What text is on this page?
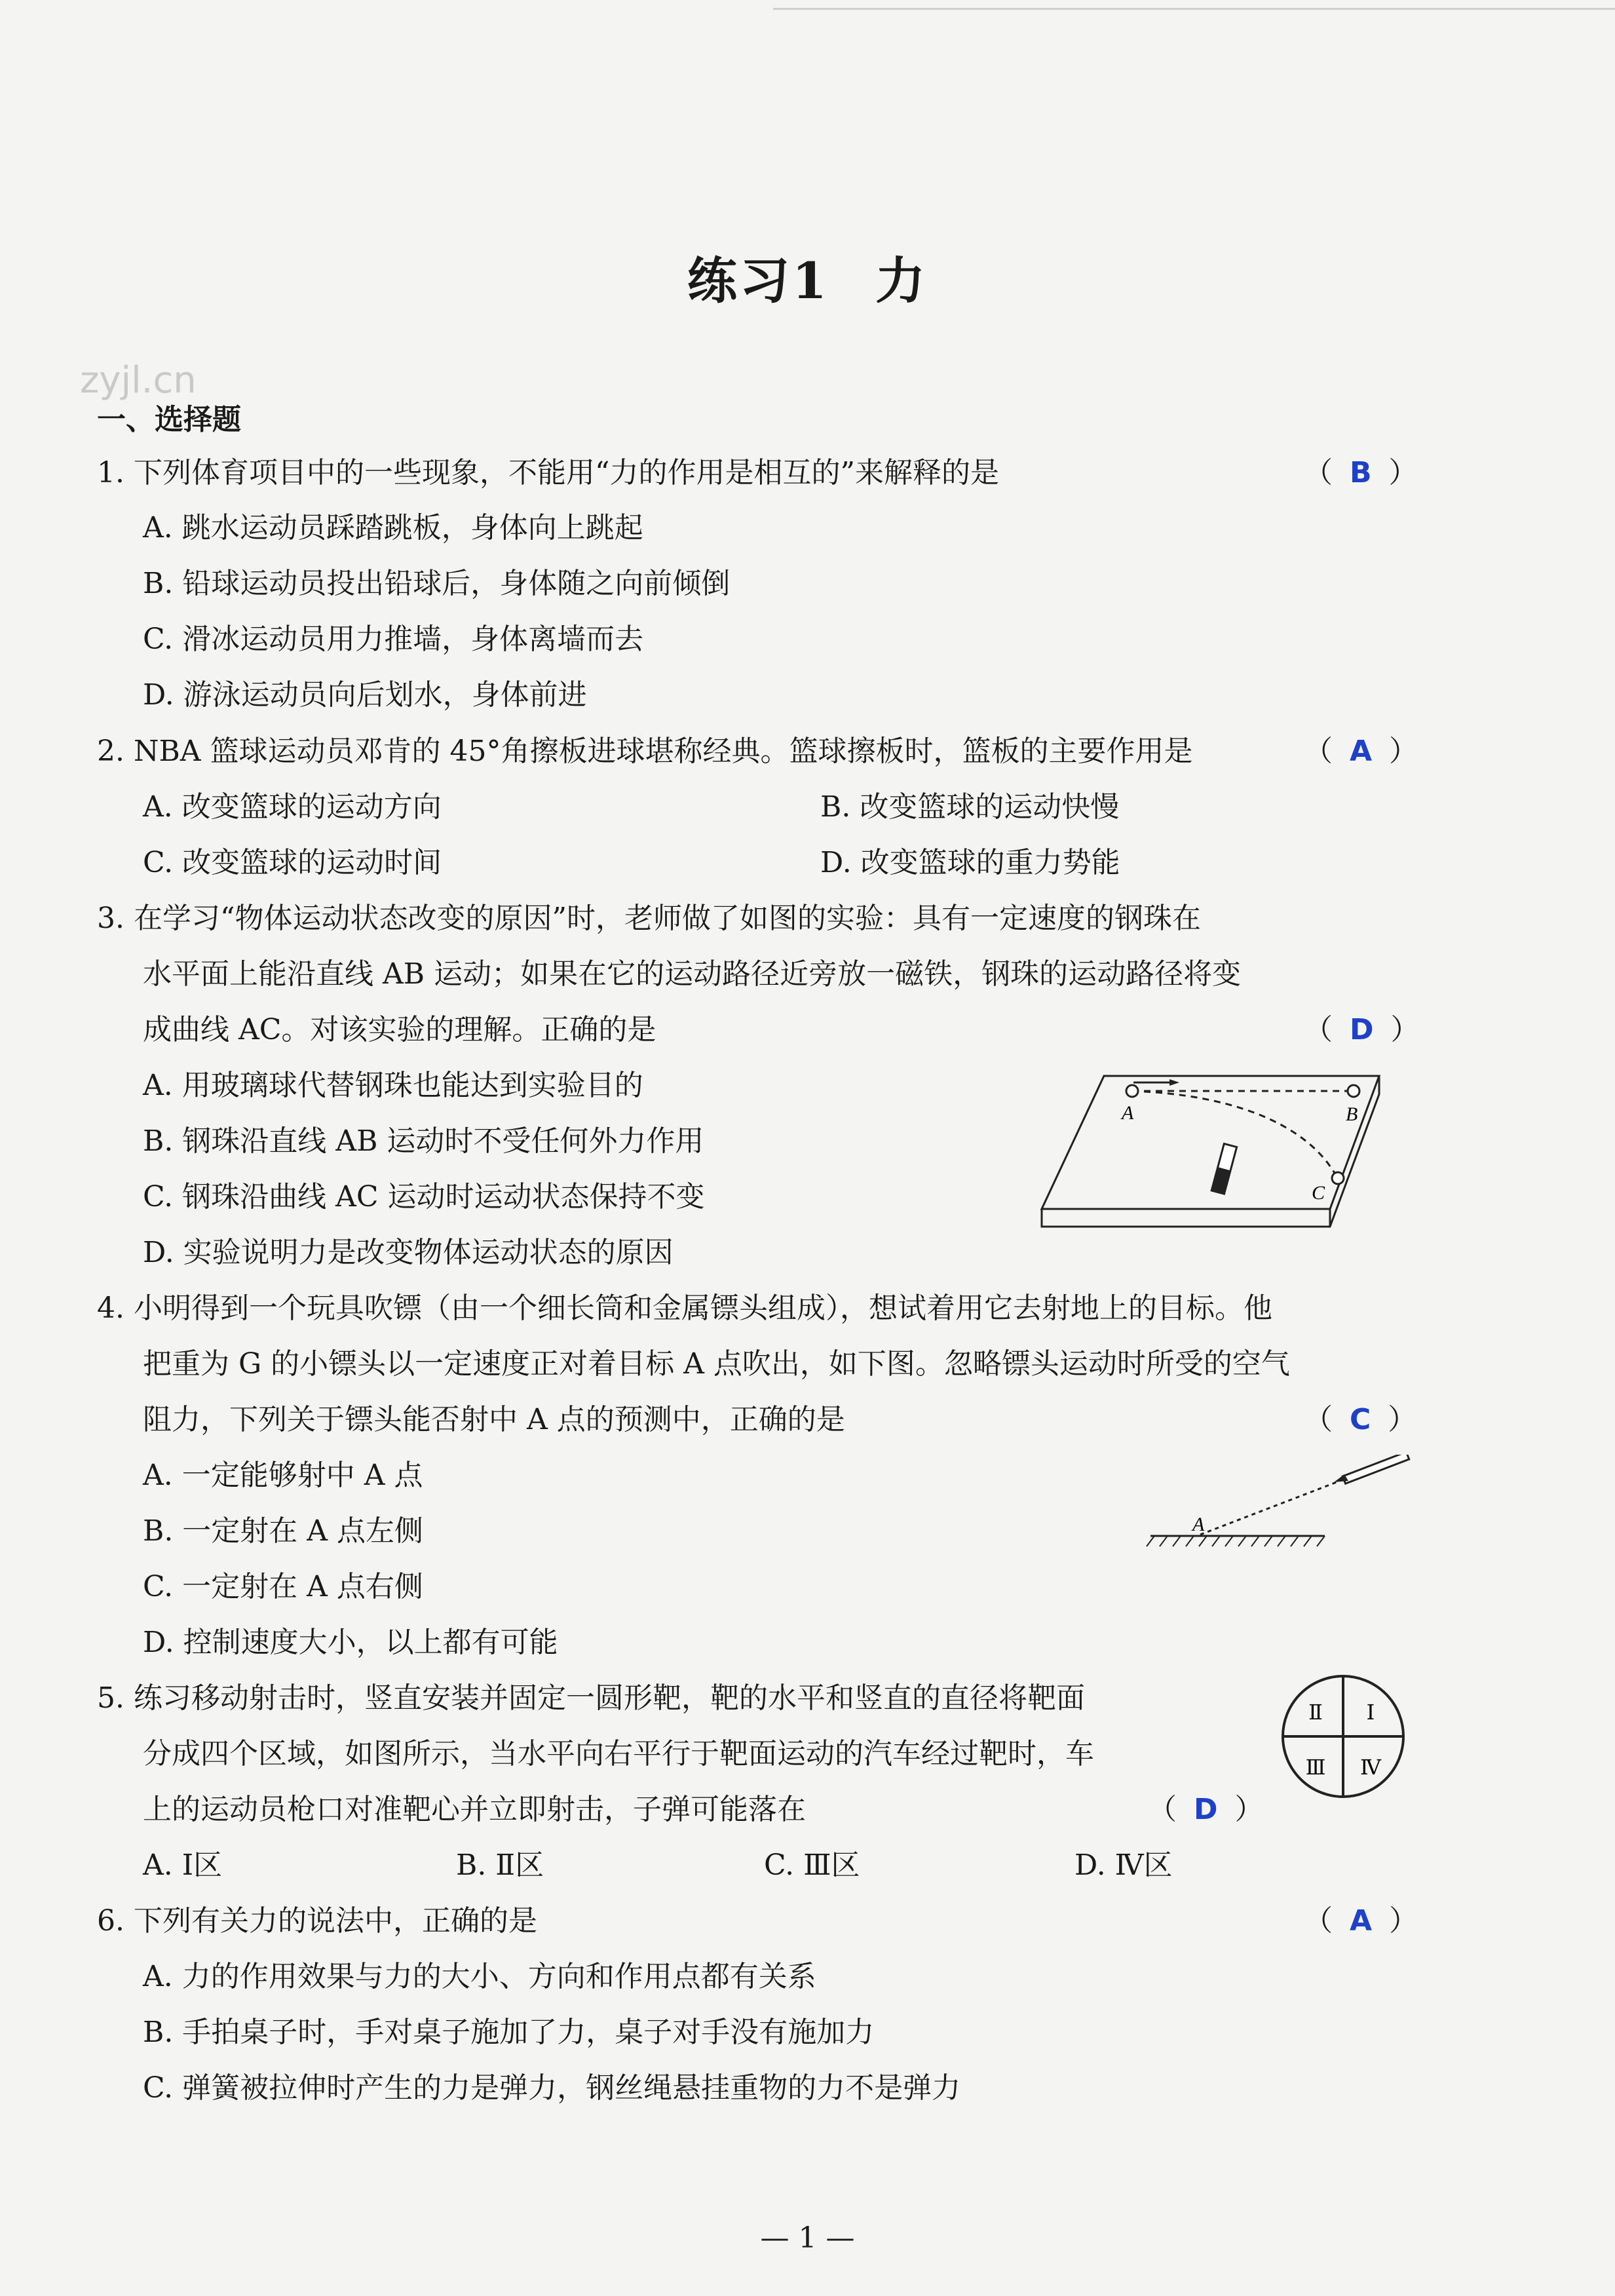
练习1 力
zyjl.cn
一、选择题
1. 下列体育项目中的一些现象，不能用“力的作用是相互的”来解释的是	（ B ）
A. 跳水运动员踩踏跳板，身体向上跳起
B. 铅球运动员投出铅球后，身体随之向前倾倒
C. 滑冰运动员用力推墙，身体离墙而去
D. 游泳运动员向后划水，身体前进
2. NBA 篮球运动员邓肯的 45°角擦板进球堪称经典。篮球擦板时，篮板的主要作用是	（ A ）
A. 改变篮球的运动方向	B. 改变篮球的运动快慢
C. 改变篮球的运动时间	D. 改变篮球的重力势能
3. 在学习“物体运动状态改变的原因”时，老师做了如图的实验：具有一定速度的钢珠在
水平面上能沿直线 AB 运动；如果在它的运动路径近旁放一磁铁，钢珠的运动路径将变
成曲线 AC。对该实验的理解。正确的是	（ D ）
A. 用玻璃球代替钢珠也能达到实验目的
B. 钢珠沿直线 AB 运动时不受任何外力作用
C. 钢珠沿曲线 AC 运动时运动状态保持不变
D. 实验说明力是改变物体运动状态的原因
A	B
C
4. 小明得到一个玩具吹镖（由一个细长筒和金属镖头组成），想试着用它去射地上的目标。他
把重为 G 的小镖头以一定速度正对着目标 A 点吹出，如下图。忽略镖头运动时所受的空气
阻力，下列关于镖头能否射中 A 点的预测中，正确的是	（ C ）
A. 一定能够射中 A 点
B. 一定射在 A 点左侧
C. 一定射在 A 点右侧
D. 控制速度大小，以上都有可能
A
5. 练习移动射击时，竖直安装并固定一圆形靶，靶的水平和竖直的直径将靶面
分成四个区域，如图所示，当水平向右平行于靶面运动的汽车经过靶时，车
上的运动员枪口对准靶心并立即射击，子弹可能落在	（ D ）
A. Ⅰ区	B. Ⅱ区	C. Ⅲ区	D. Ⅳ区
Ⅱ Ⅰ
Ⅲ Ⅳ
6. 下列有关力的说法中，正确的是	（ A ）
A. 力的作用效果与力的大小、方向和作用点都有关系
B. 手拍桌子时，手对桌子施加了力，桌子对手没有施加力
C. 弹簧被拉伸时产生的力是弹力，钢丝绳悬挂重物的力不是弹力
— 1 —
